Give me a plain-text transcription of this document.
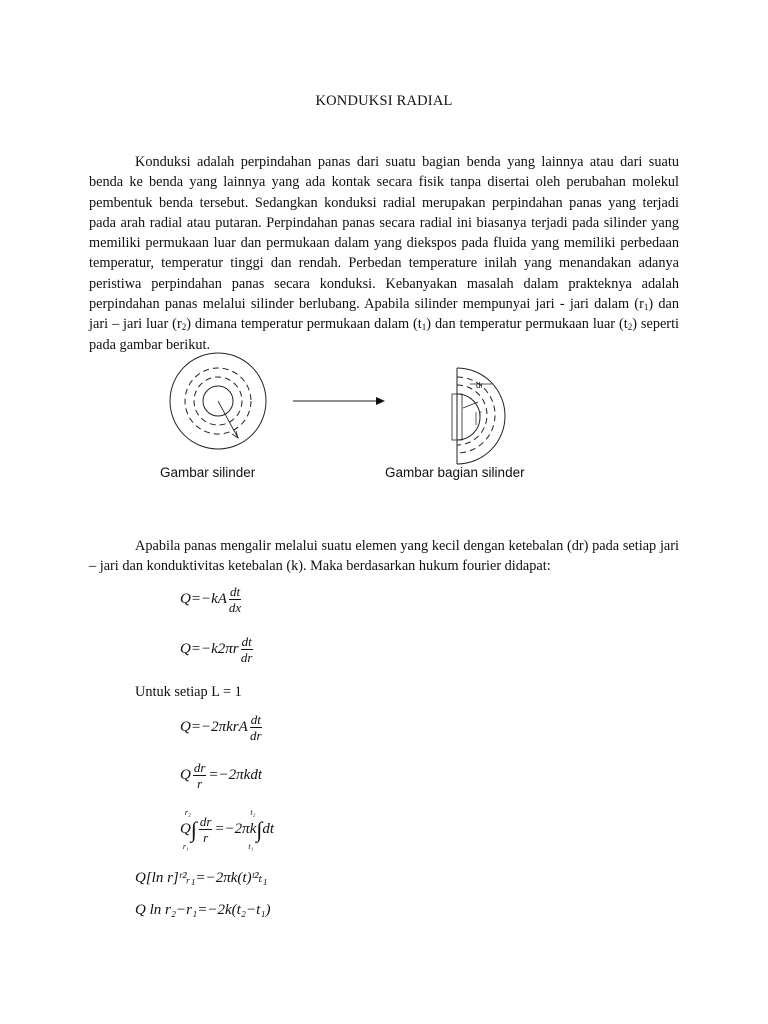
KONDUKSI RADIAL

Konduksi adalah perpindahan panas dari suatu bagian benda yang lainnya atau dari suatu benda ke benda yang lainnya yang ada kontak secara fisik tanpa disertai oleh perubahan molekul pembentuk benda tersebut. Sedangkan konduksi radial merupakan perpindahan panas yang terjadi pada arah radial atau putaran. Perpindahan panas secara radial ini biasanya terjadi pada silinder yang memiliki permukaan luar dan permukaan dalam yang diekspos pada fluida yang memiliki perbedaan temperatur, temperatur tinggi dan rendah. Perbedan temperature inilah yang menandakan adanya peristiwa perpindahan panas secara konduksi. Kebanyakan masalah dalam prakteknya adalah perpindahan panas melalui silinder berlubang. Apabila silinder mempunyai jari - jari dalam $(r_1)$ dan jari – jari luar $(r_2)$ dimana temperatur permukaan dalam $(t_1)$ dan temperatur permukaan luar $(t_2)$ seperti pada gambar berikut.

dr
r
Gambar silinder	Gambar bagian silinder

Apabila panas mengalir melalui suatu elemen yang kecil dengan ketebalan (dr) pada setiap jari – jari dan konduktivitas ketebalan (k). Maka berdasarkan hukum fourier didapat:

$Q=-kA \frac{dt}{dx}$
$Q=-k2\pi r \frac{dt}{dr}$
Untuk setiap L = 1
$Q=-2\pi krA \frac{dt}{dr}$
Q $\frac{dr}{r} =-2\pi kdt$
Q∫
r₂
r₁
$\frac{dr}{r} =-2\pi k\int$
t₂
t₁
dt
Q[ln r]ʳ²ᵣ₁=−2πk(t)ᵗ²ₜ₁
Q ln r₂−r₁=−2k(t₂−t₁)
